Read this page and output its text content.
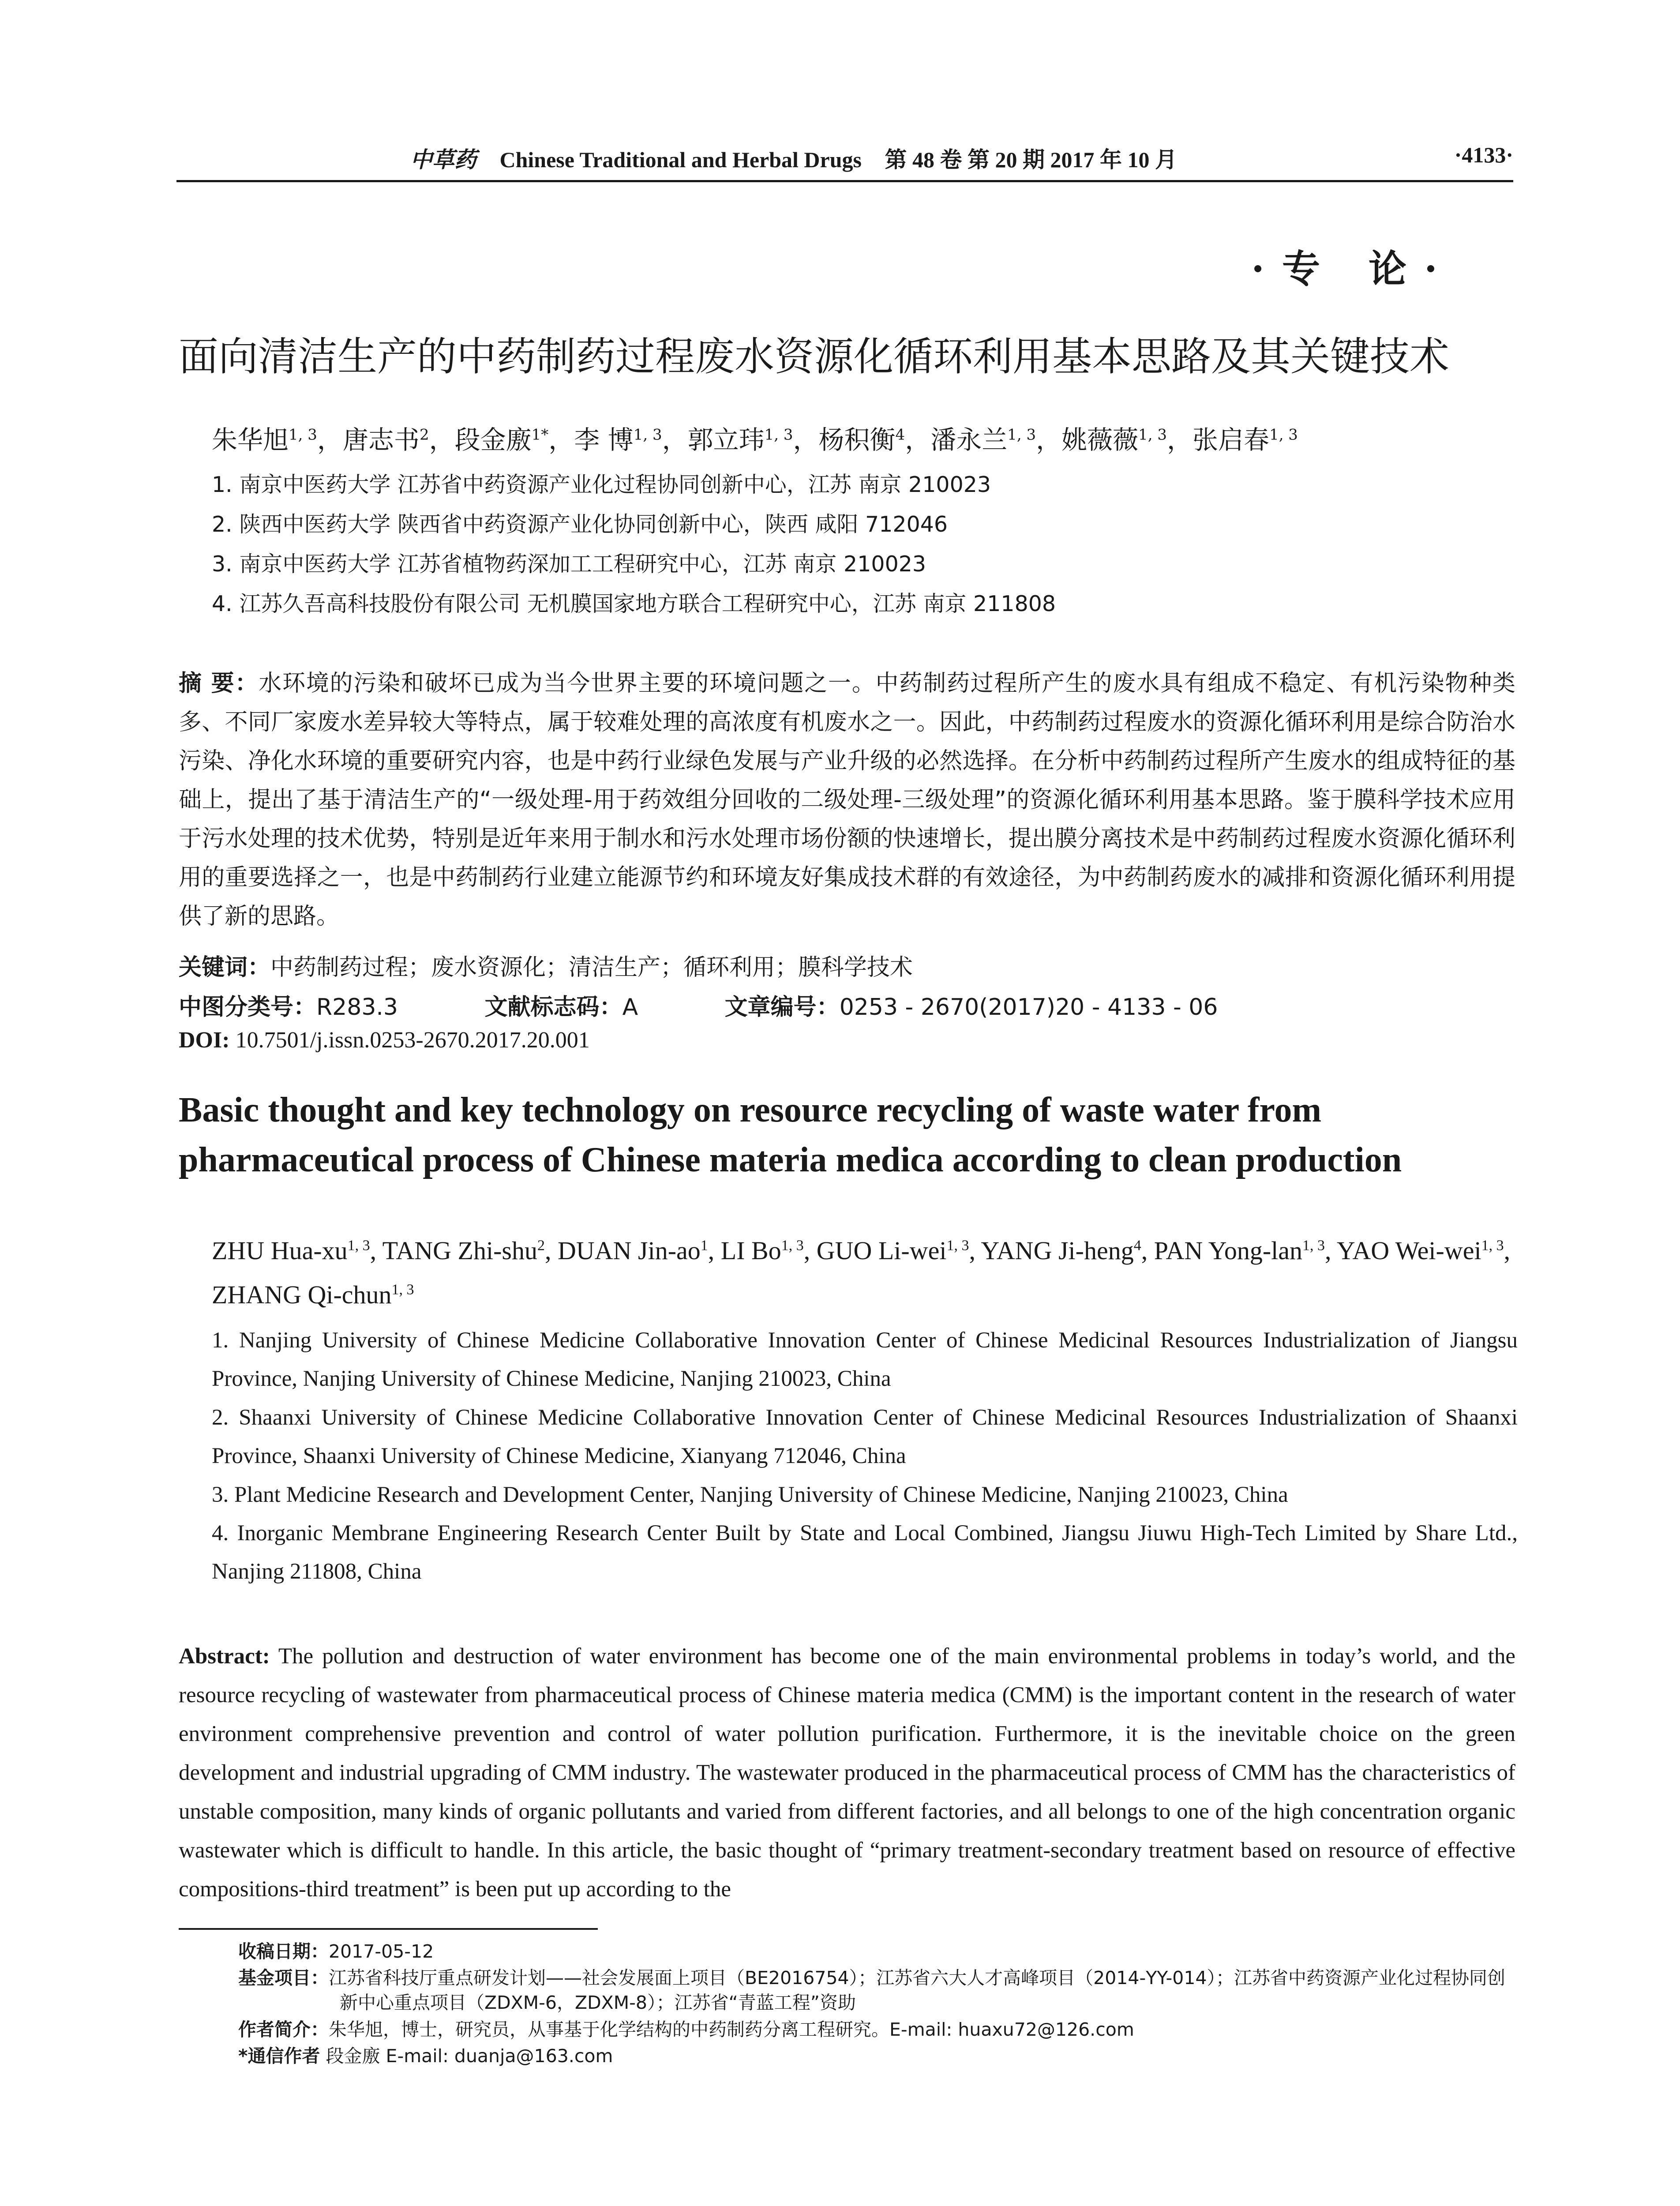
中草药 Chinese Traditional and Herbal Drugs 第 48 卷 第 20 期 2017 年 10 月	·4133·
·专 论·
面向清洁生产的中药制药过程废水资源化循环利用基本思路及其关键技术
朱华旭$^{1, 3}$，唐志书$^2$，段金廒$^{1*}$，李 博$^{1, 3}$，郭立玮$^{1, 3}$，杨积衡$^4$，潘永兰$^{1, 3}$，姚薇薇$^{1, 3}$，张启春$^{1, 3}$
1. 南京中医药大学 江苏省中药资源产业化过程协同创新中心，江苏 南京 210023
2. 陕西中医药大学 陕西省中药资源产业化协同创新中心，陕西 咸阳 712046
3. 南京中医药大学 江苏省植物药深加工工程研究中心，江苏 南京 210023
4. 江苏久吾高科技股份有限公司 无机膜国家地方联合工程研究中心，江苏 南京 211808
摘 要：水环境的污染和破坏已成为当今世界主要的环境问题之一。中药制药过程所产生的废水具有组成不稳定、有机污染物种类多、不同厂家废水差异较大等特点，属于较难处理的高浓度有机废水之一。因此，中药制药过程废水的资源化循环利用是综合防治水污染、净化水环境的重要研究内容，也是中药行业绿色发展与产业升级的必然选择。在分析中药制药过程所产生废水的组成特征的基础上，提出了基于清洁生产的“一级处理-用于药效组分回收的二级处理-三级处理”的资源化循环利用基本思路。鉴于膜科学技术应用于污水处理的技术优势，特别是近年来用于制水和污水处理市场份额的快速增长，提出膜分离技术是中药制药过程废水资源化循环利用的重要选择之一，也是中药制药行业建立能源节约和环境友好集成技术群的有效途径，为中药制药废水的减排和资源化循环利用提供了新的思路。
关键词：中药制药过程；废水资源化；清洁生产；循环利用；膜科学技术
中图分类号：R283.3	文献标志码：A	文章编号：0253 - 2670(2017)20 - 4133 - 06
DOI: 10.7501/j.issn.0253-2670.2017.20.001
Basic thought and key technology on resource recycling of waste water from pharmaceutical process of Chinese materia medica according to clean production
ZHU Hua-xu$^{1, 3}$, TANG Zhi-shu$^2$, DUAN Jin-$ao^1$, LI Bo$^{1, 3}$, GUO Li-wei$^{1, 3}$, YANG Ji-heng$^4$, PAN Yong-lan$^{1, 3}$, YAO Wei-wei$^{1, 3}$, ZHANG Qi-chun$^{1, 3}$
1. Nanjing University of Chinese Medicine Collaborative Innovation Center of Chinese Medicinal Resources Industrialization of Jiangsu Province, Nanjing University of Chinese Medicine, Nanjing 210023, China
2. Shaanxi University of Chinese Medicine Collaborative Innovation Center of Chinese Medicinal Resources Industrialization of Shaanxi Province, Shaanxi University of Chinese Medicine, Xianyang 712046, China
3. Plant Medicine Research and Development Center, Nanjing University of Chinese Medicine, Nanjing 210023, China
4. Inorganic Membrane Engineering Research Center Built by State and Local Combined, Jiangsu Jiuwu High-Tech Limited by Share Ltd., Nanjing 211808, China
Abstract: The pollution and destruction of water environment has become one of the main environmental problems in today’s world, and the resource recycling of wastewater from pharmaceutical process of Chinese materia medica (CMM) is the important content in the research of water environment comprehensive prevention and control of water pollution purification. Furthermore, it is the inevitable choice on the green development and industrial upgrading of CMM industry. The wastewater produced in the pharmaceutical process of CMM has the characteristics of unstable composition, many kinds of organic pollutants and varied from different factories, and all belongs to one of the high concentration organic wastewater which is difficult to handle. In this article, the basic thought of “primary treatment-secondary treatment based on resource of effective compositions-third treatment” is been put up according to the
收稿日期：2017-05-12
基金项目：江苏省科技厅重点研发计划——社会发展面上项目（BE2016754）；江苏省六大人才高峰项目（2014-YY-014）；江苏省中药资源产业化过程协同创新中心重点项目（ZDXM-6，ZDXM-8）；江苏省“青蓝工程”资助
作者简介：朱华旭，博士，研究员，从事基于化学结构的中药制药分离工程研究。E-mail: huaxu72@126.com
*通信作者 段金廒 E-mail: duanja@163.com
